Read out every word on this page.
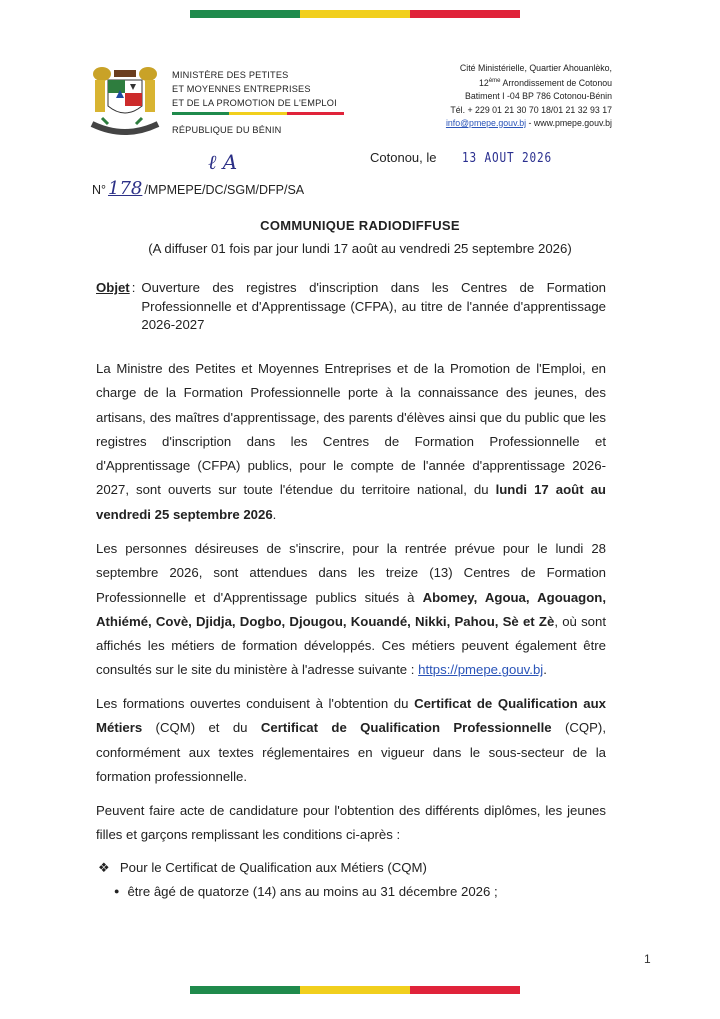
MINISTÈRE DES PETITES
ET MOYENNES ENTREPRISES
ET DE LA PROMOTION DE L'EMPLOI
RÉPUBLIQUE DU BÉNIN
Cité Ministérielle, Quartier Ahouanlèko,
12ème Arrondissement de Cotonou
Batiment I -04 BP 786 Cotonou-Bénin
Tél. + 229 01 21 30 70 18/01 21 32 93 17
info@pmepe.gouv.bj - www.pmepe.gouv.bj
ℓ A	Cotonou, le 13 AOUT 2026
N° 178 /MPMEPE/DC/SGM/DFP/SA
COMMUNIQUE RADIODIFFUSE
(A diffuser 01 fois par jour lundi 17 août au vendredi 25 septembre 2026)
Objet : Ouverture des registres d'inscription dans les Centres de Formation Professionnelle et d'Apprentissage (CFPA), au titre de l'année d'apprentissage 2026-2027

La Ministre des Petites et Moyennes Entreprises et de la Promotion de l'Emploi, en charge de la Formation Professionnelle porte à la connaissance des jeunes, des artisans, des maîtres d'apprentissage, des parents d'élèves ainsi que du public que les registres d'inscription dans les Centres de Formation Professionnelle et d'Apprentissage (CFPA) publics, pour le compte de l'année d'apprentissage 2026-2027, sont ouverts sur toute l'étendue du territoire national, du lundi 17 août au vendredi 25 septembre 2026.

Les personnes désireuses de s'inscrire, pour la rentrée prévue pour le lundi 28 septembre 2026, sont attendues dans les treize (13) Centres de Formation Professionnelle et d'Apprentissage publics situés à Abomey, Agoua, Agouagon, Athiémé, Covè, Djidja, Dogbo, Djougou, Kouandé, Nikki, Pahou, Sè et Zè, où sont affichés les métiers de formation développés. Ces métiers peuvent également être consultés sur le site du ministère à l'adresse suivante : https://pmepe.gouv.bj.

Les formations ouvertes conduisent à l'obtention du Certificat de Qualification aux Métiers (CQM) et du Certificat de Qualification Professionnelle (CQP), conformément aux textes réglementaires en vigueur dans le sous-secteur de la formation professionnelle.

Peuvent faire acte de candidature pour l'obtention des différents diplômes, les jeunes filles et garçons remplissant les conditions ci-après :

❖ Pour le Certificat de Qualification aux Métiers (CQM)
● être âgé de quatorze (14) ans au moins au 31 décembre 2026 ;
1
